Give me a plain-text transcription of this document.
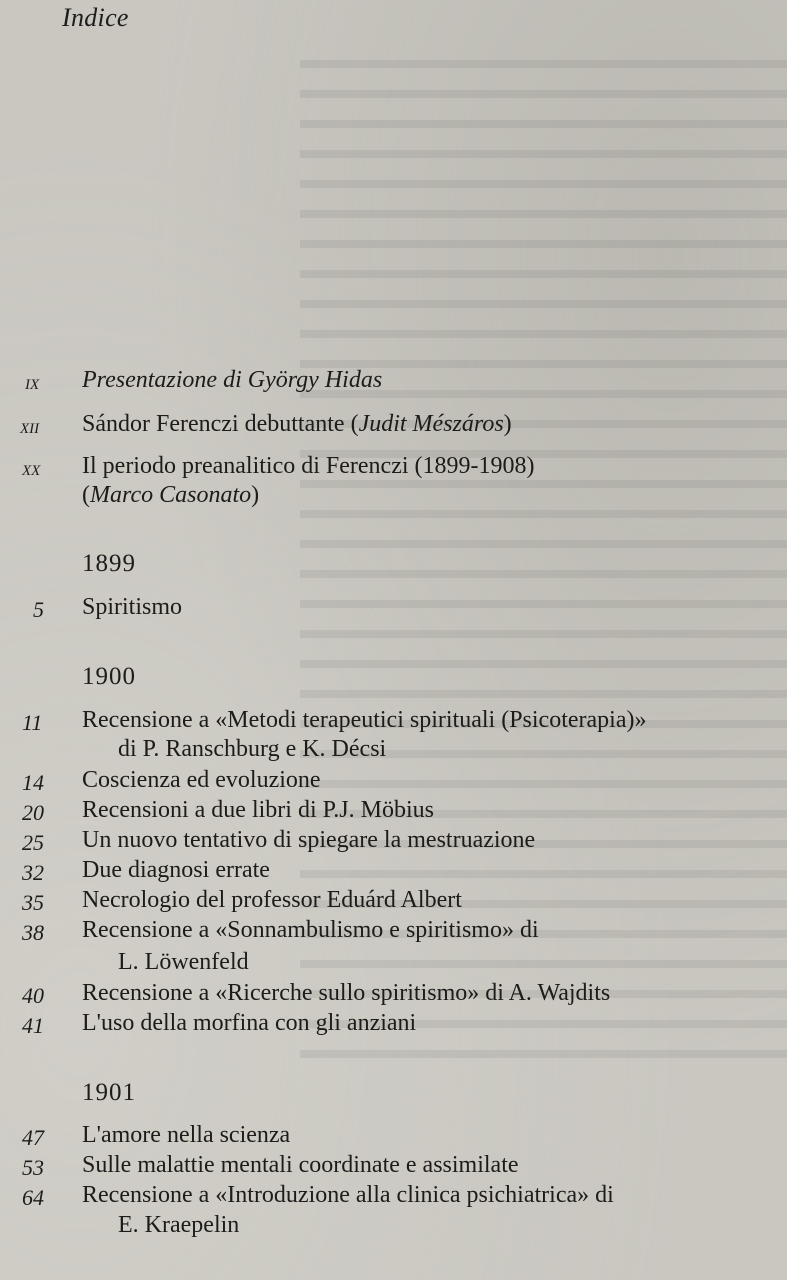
Indice
ix Presentazione di György Hidas
xii Sándor Ferenczi debuttante (Judit Mészáros)
xx Il periodo preanalitico di Ferenczi (1899-1908)
(Marco Casonato)
1899
5 Spiritismo
1900
11 Recensione a «Metodi terapeutici spirituali (Psicoterapia)»
di P. Ranschburg e K. Décsi
14 Coscienza ed evoluzione
20 Recensioni a due libri di P.J. Möbius
25 Un nuovo tentativo di spiegare la mestruazione
32 Due diagnosi errate
35 Necrologio del professor Eduárd Albert
38 Recensione a «Sonnambulismo e spiritismo» di
L. Löwenfeld
40 Recensione a «Ricerche sullo spiritismo» di A. Wajdits
41 L'uso della morfina con gli anziani
1901
47 L'amore nella scienza
53 Sulle malattie mentali coordinate e assimilate
64 Recensione a «Introduzione alla clinica psichiatrica» di
E. Kraepelin
